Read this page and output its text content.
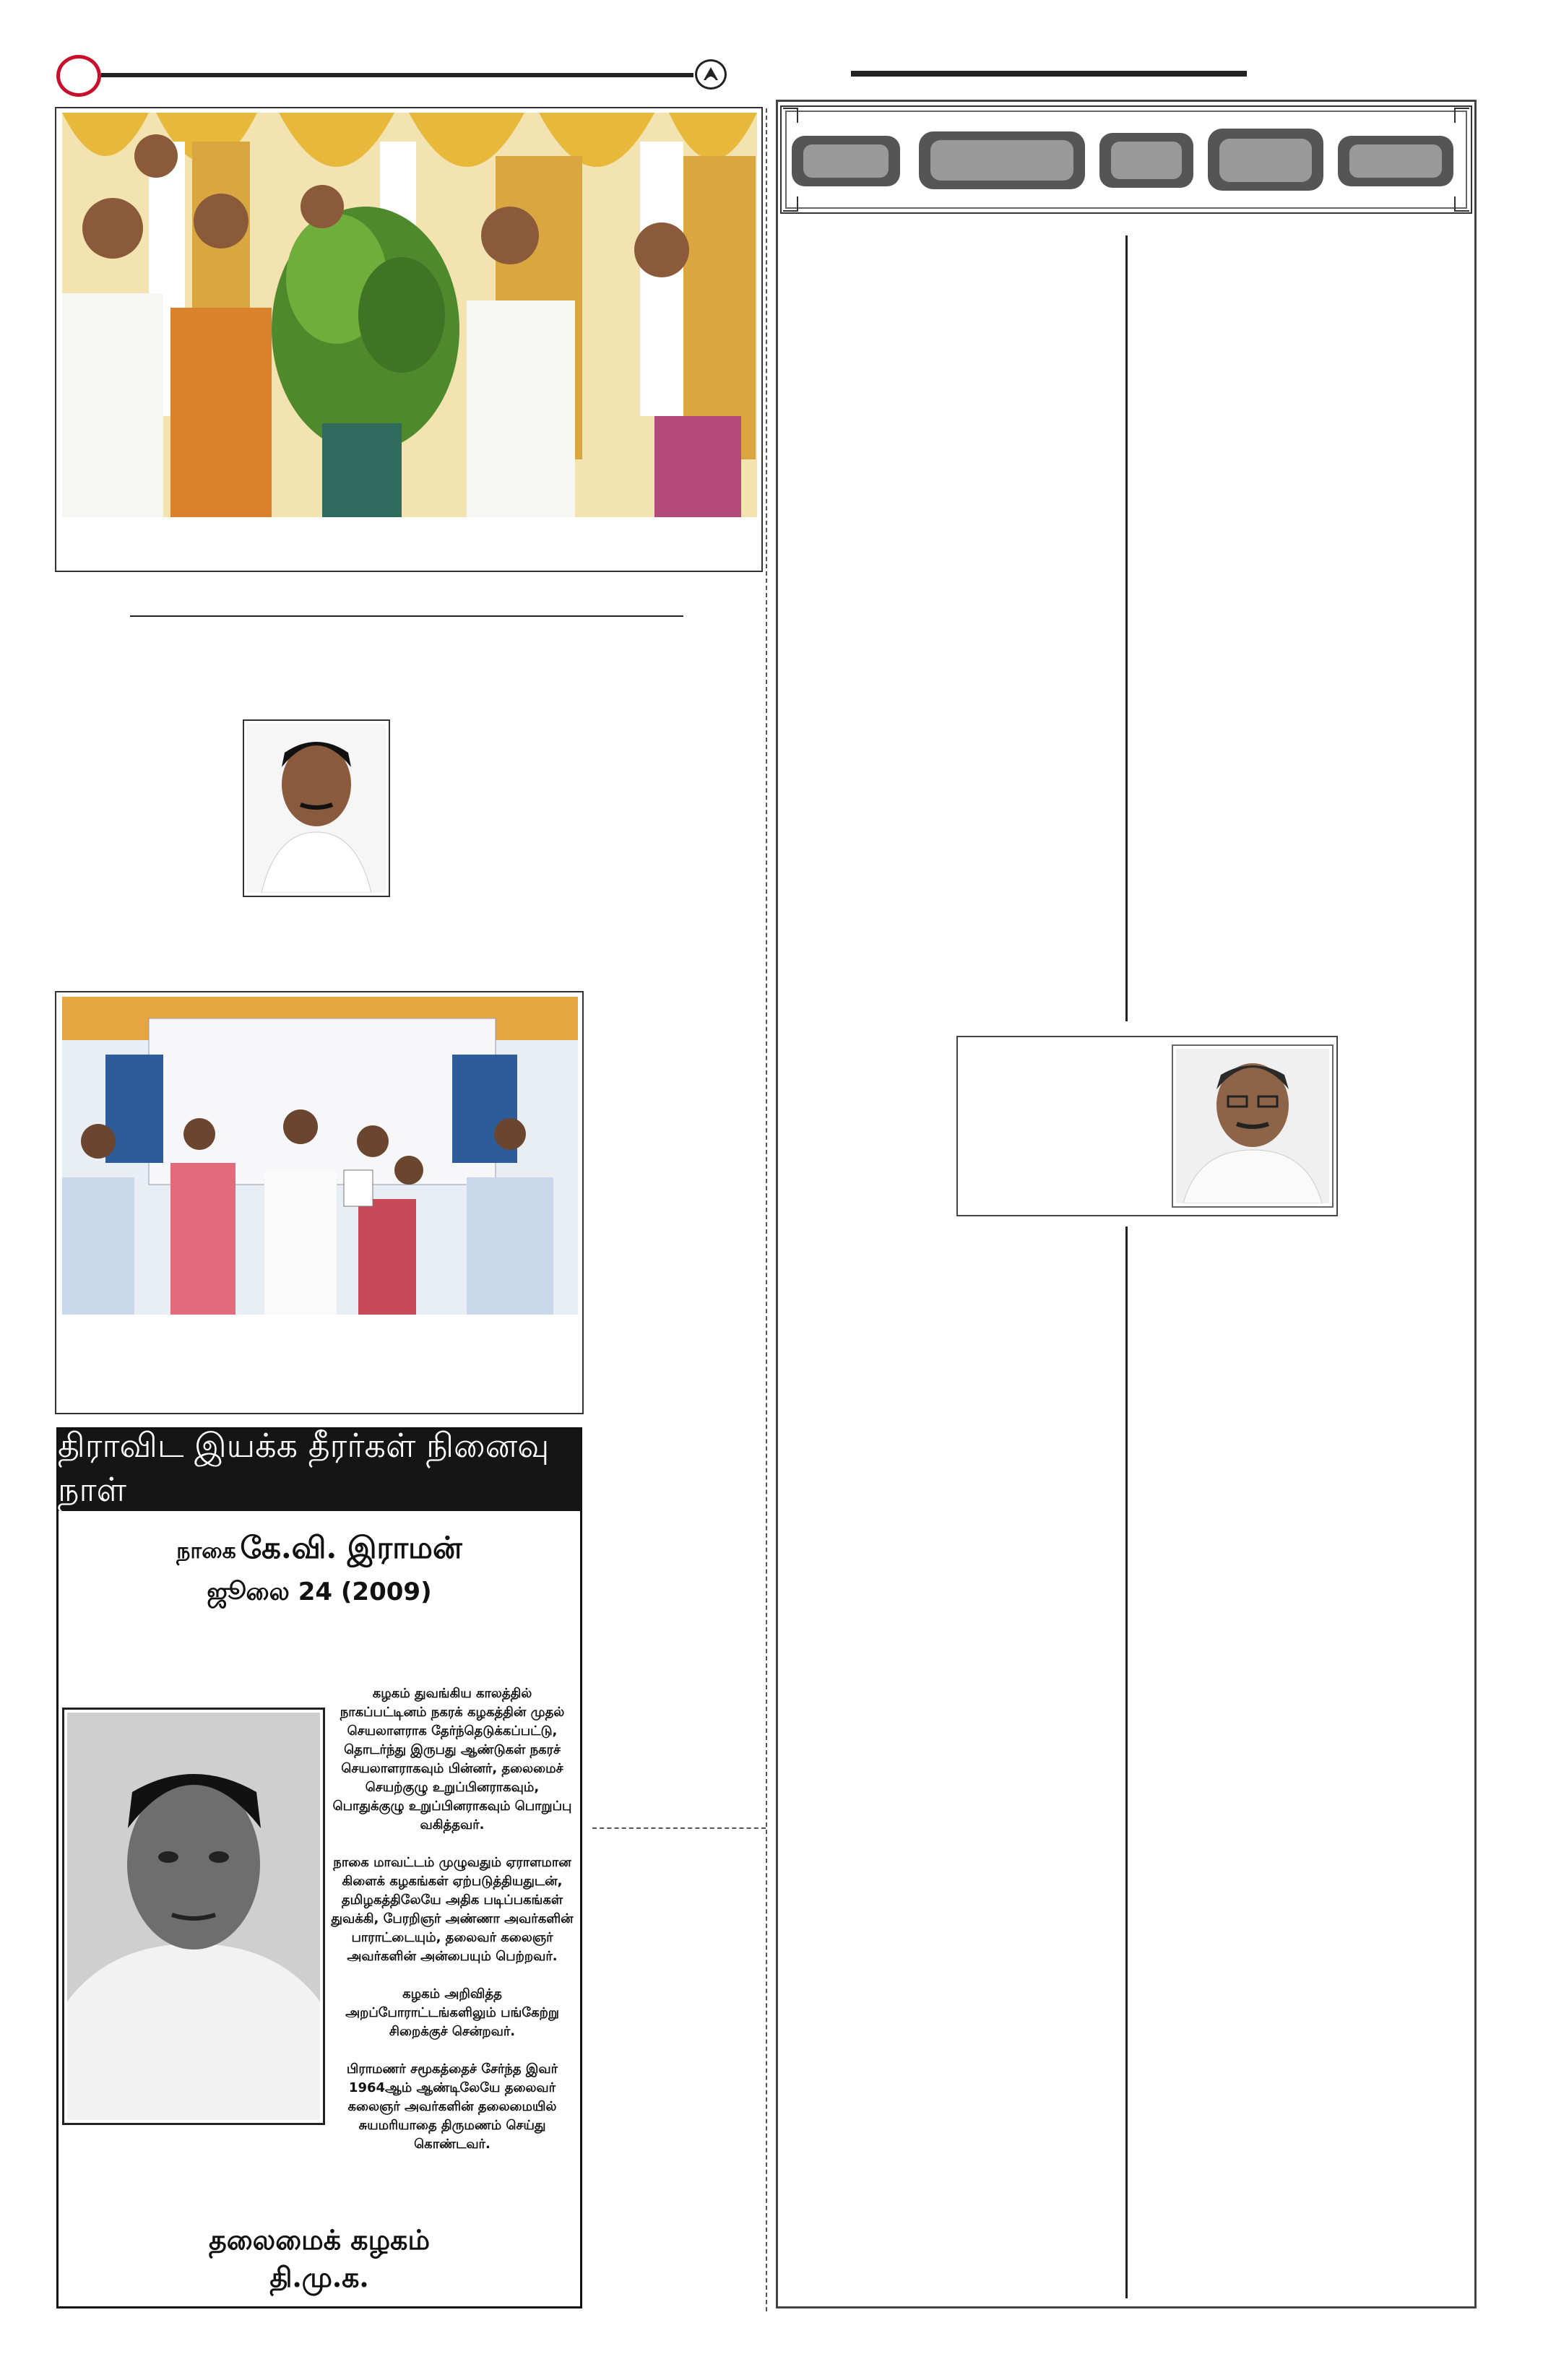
திராவிட இயக்க தீரர்கள் நினைவு நாள்
நாகை கே.வி. இராமன்
ஜூலை 24 (2009)

கழகம் துவங்கிய காலத்தில் நாகப்பட்டினம் நகரக் கழகத்தின் முதல் செயலாளராக தேர்ந்தெடுக்கப்பட்டு, தொடர்ந்து இருபது ஆண்டுகள் நகரச் செயலாளராகவும் பின்னர், தலைமைச் செயற்குழு உறுப்பினராகவும், பொதுக்குழு உறுப்பினராகவும் பொறுப்பு வகித்தவர்.

நாகை மாவட்டம் முழுவதும் ஏராளமான கிளைக் கழகங்கள் ஏற்படுத்தியதுடன், தமிழகத்திலேயே அதிக படிப்பகங்கள் துவக்கி, பேரறிஞர் அண்ணா அவர்களின் பாராட்டையும், தலைவர் கலைஞர் அவர்களின் அன்பையும் பெற்றவர்.

கழகம் அறிவித்த அறப்போராட்டங்களிலும் பங்கேற்று சிறைக்குச் சென்றவர்.

பிராமணர் சமூகத்தைச் சேர்ந்த இவர் 1964ஆம் ஆண்டிலேயே தலைவர் கலைஞர் அவர்களின் தலைமையில் சுயமரியாதை திருமணம் செய்து கொண்டவர்.

தலைமைக் கழகம்
தி.மு.க.
